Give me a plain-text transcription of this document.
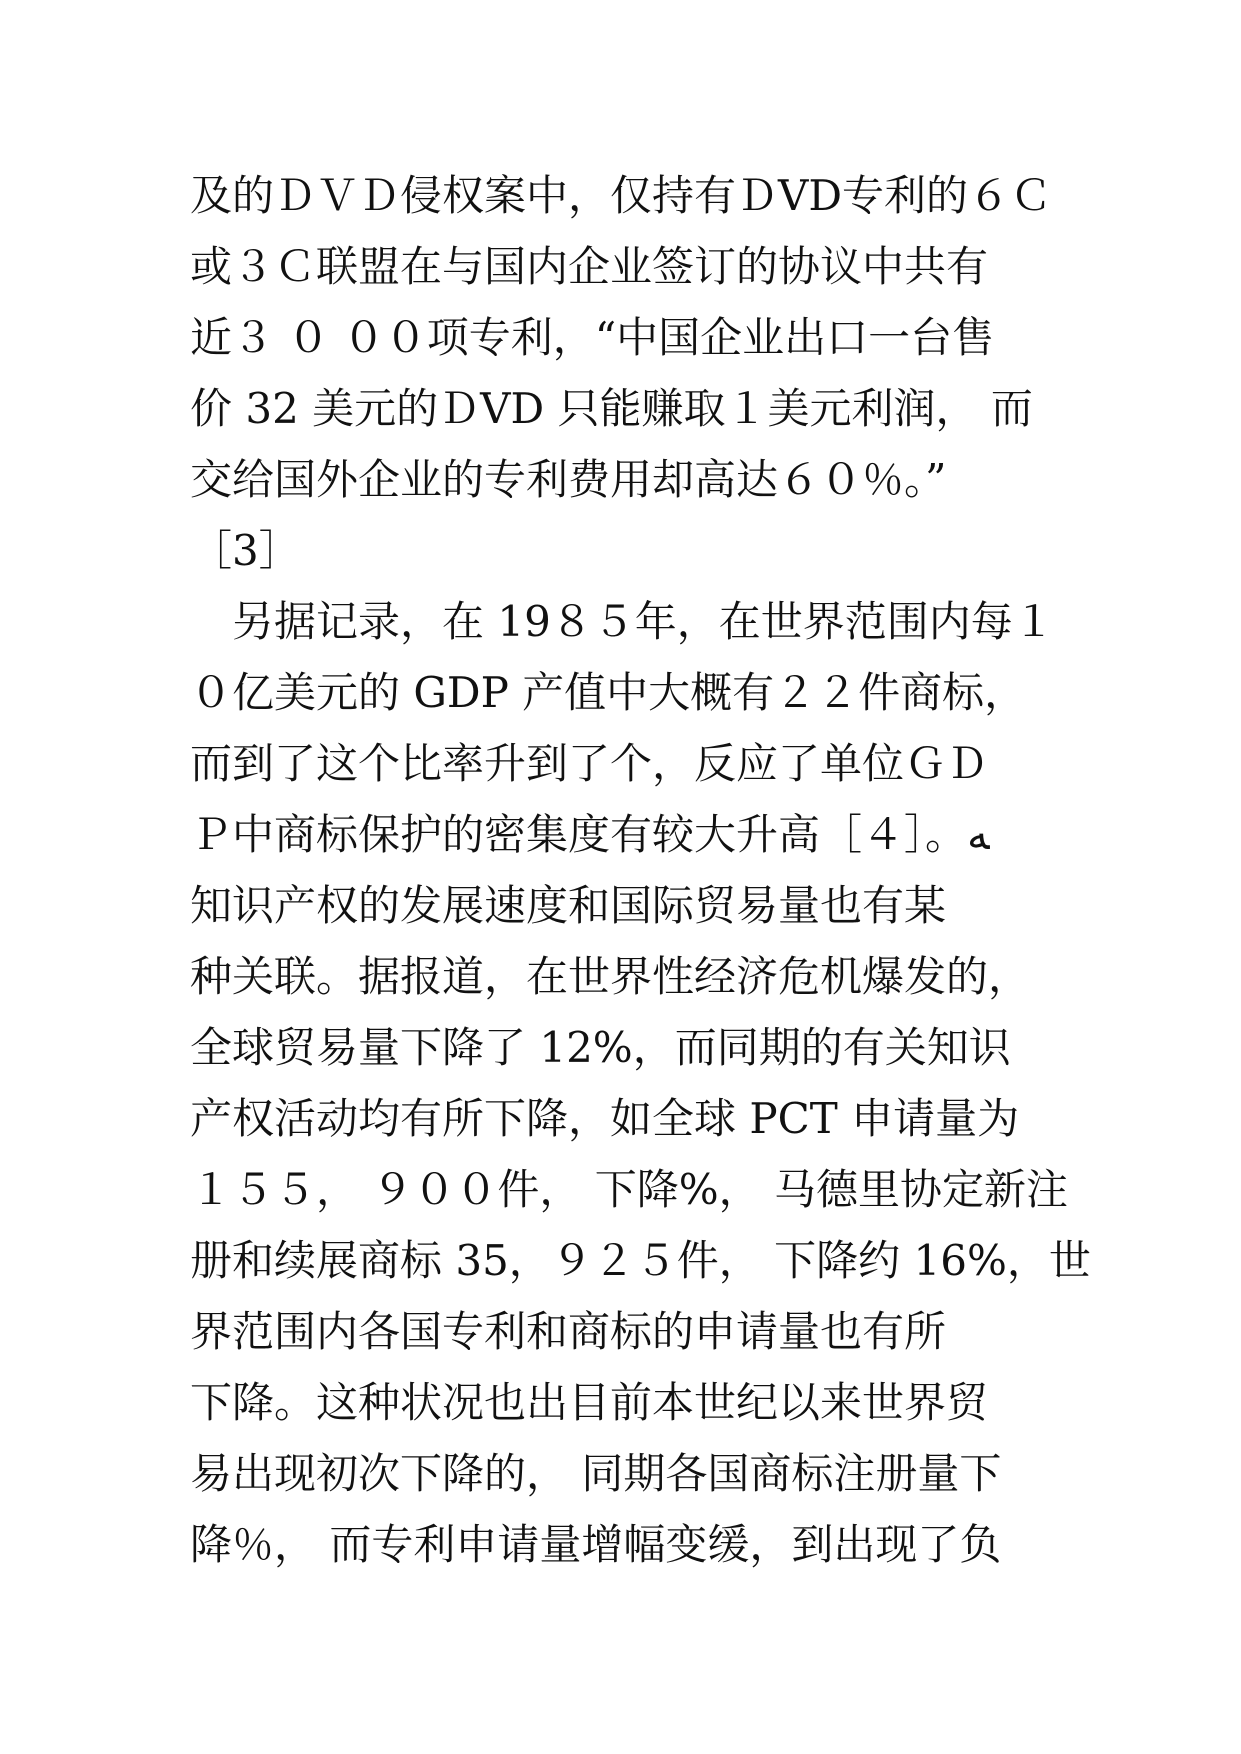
及的ＤＶＤ侵权案中，仅持有ＤVD专利的６Ｃ
或３Ｃ联盟在与国内企业签订的协议中共有
近３ ０ ００项专利，“中国企业出口一台售
价 32 美元的ＤVD 只能赚取１美元利润， 而
交给国外企业的专利费用却高达６０％。”
［3］
　另据记录，在 19８５年，在世界范围内每１
０亿美元的 GDP 产值中大概有２２件商标，
而到了这个比率升到了个，反应了单位ＧＤ
Ｐ中商标保护的密集度有较大升高［４］。ﻪ
知识产权的发展速度和国际贸易量也有某
种关联。据报道，在世界性经济危机爆发的，
全球贸易量下降了 12%，而同期的有关知识
产权活动均有所下降，如全球 PCT 申请量为
１５５， ９００件， 下降%， 马德里协定新注
册和续展商标 35，９２５件， 下降约 16%，世
界范围内各国专利和商标的申请量也有所
下降。这种状况也出目前本世纪以来世界贸
易出现初次下降的， 同期各国商标注册量下
降％， 而专利申请量增幅变缓，到出现了负
